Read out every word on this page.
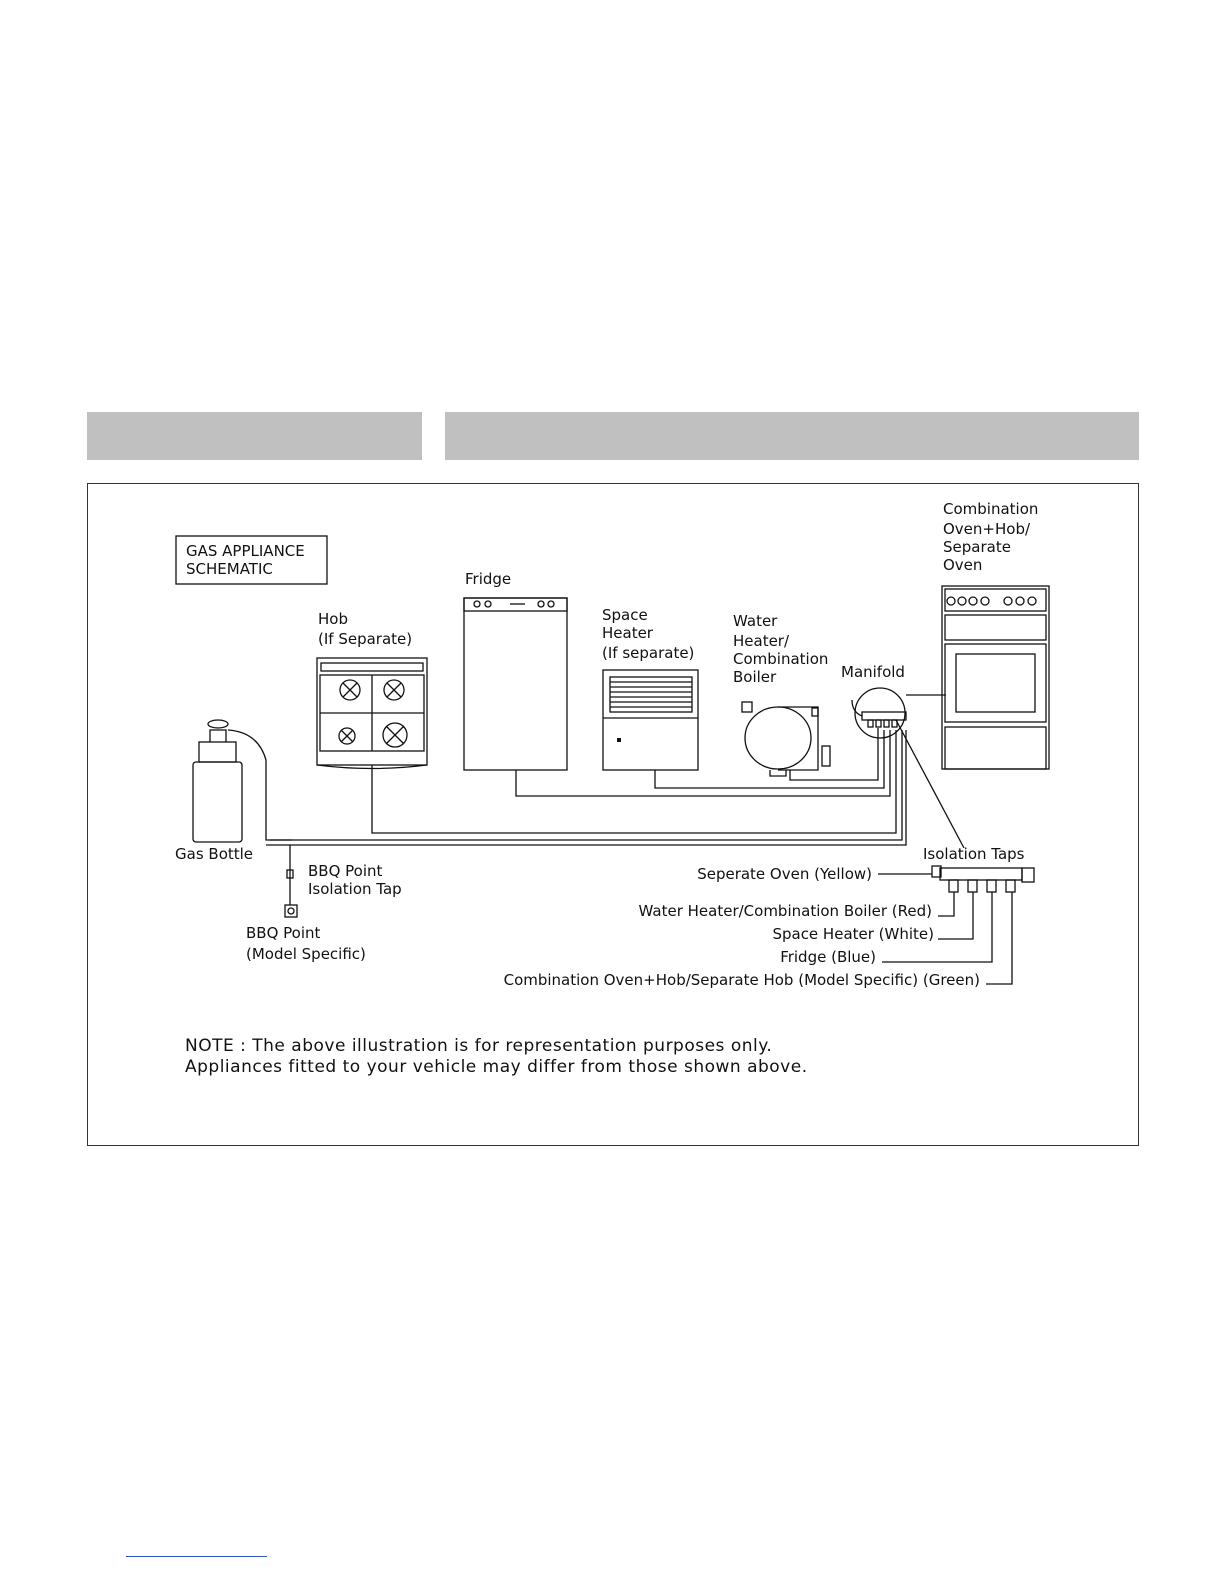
GAS APPLIANCE
SCHEMATIC
Gas Bottle
BBQ Point
Isolation Tap
BBQ Point
(Model Specific)
Hob
(If Separate)
Fridge
Space
Heater
(If separate)
Water
Heater/
Combination
Boiler	Manifold
Combination
Oven+Hob/
Separate
Oven
Isolation Taps
Seperate Oven (Yellow)
Water Heater/Combination Boiler (Red)
Space Heater (White)
Fridge (Blue)
Combination Oven+Hob/Separate Hob (Model Specific) (Green)
NOTE : The above illustration is for representation purposes only.
Appliances fitted to your vehicle may differ from those shown above.
